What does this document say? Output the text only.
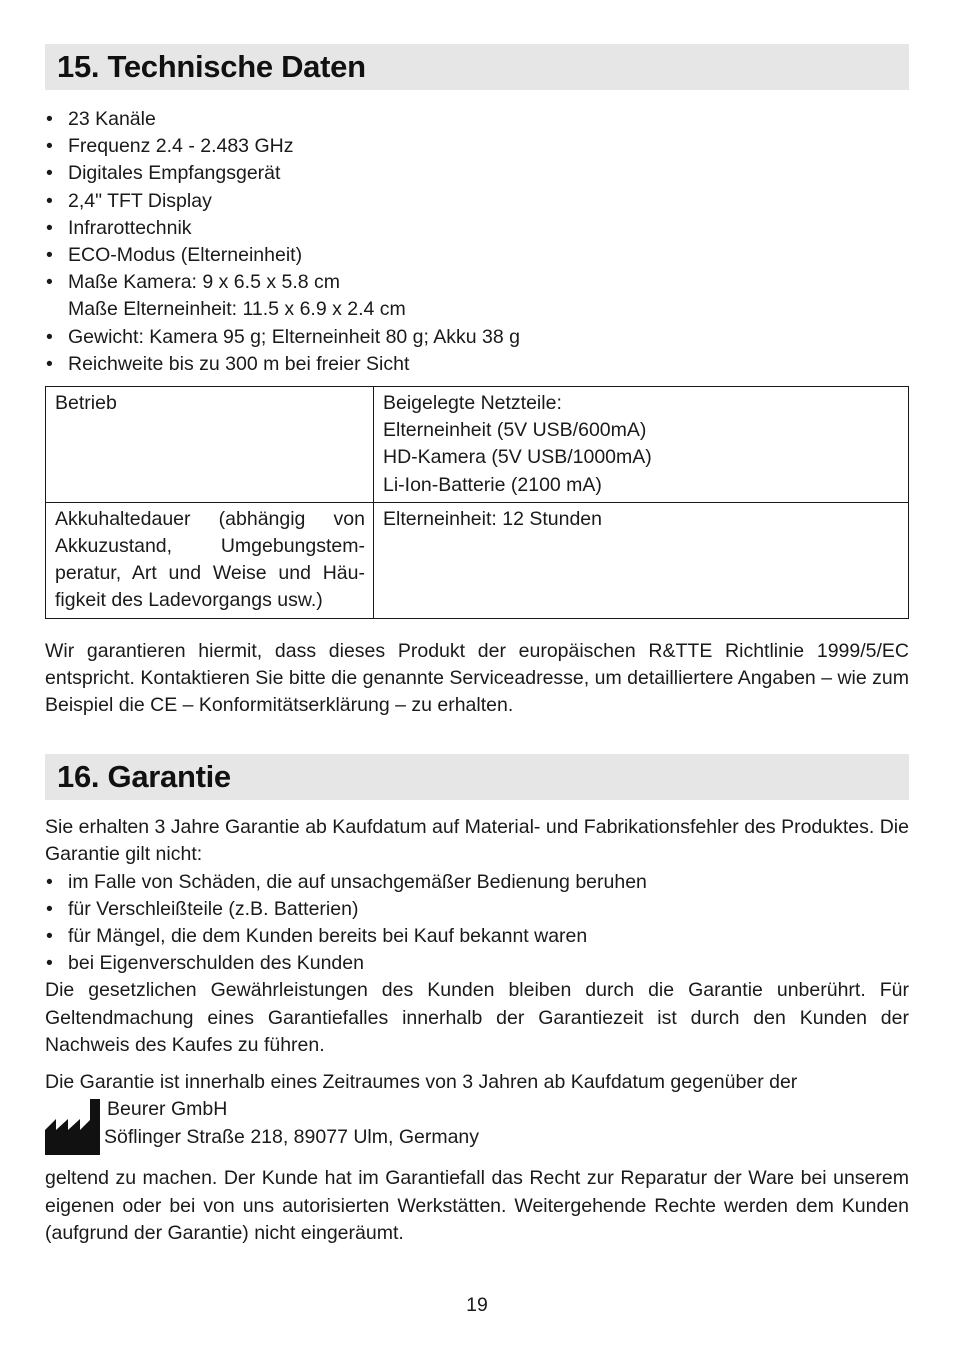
15. Technische Daten
• 23 Kanäle
• Frequenz 2.4 - 2.483 GHz
• Digitales Empfangsgerät
• 2,4" TFT Display
• Infrarottechnik
• ECO-Modus (Elterneinheit)
• Maße Kamera: 9 x 6.5 x 5.8 cm
Maße Elterneinheit: 11.5 x 6.9 x 2.4 cm
• Gewicht: Kamera 95 g; Elterneinheit 80 g; Akku 38 g
• Reichweite bis zu 300 m bei freier Sicht
Betrieb	Beigelegte Netzteile:
Elterneinheit (5V USB/600mA)
HD-Kamera (5V USB/1000mA)
Li-Ion-Batterie (2100 mA)

Akkuhaltedauer (abhängig von Akkuzustand, Umgebungstemperatur, Art und Weise und Häufigkeit des Ladevorgangs usw.)	Elterneinheit: 12 Stunden

Wir garantieren hiermit, dass dieses Produkt der europäischen R&TTE Richtlinie 1999/5/EC entspricht. Kontaktieren Sie bitte die genannte Serviceadresse, um detailliertere Angaben – wie zum Beispiel die CE – Konformitätserklärung – zu erhalten.

16. Garantie

Sie erhalten 3 Jahre Garantie ab Kaufdatum auf Material- und Fabrikationsfehler des Produktes. Die Garantie gilt nicht:

• im Falle von Schäden, die auf unsachgemäßer Bedienung beruhen
• für Verschleißteile (z.B. Batterien)
• für Mängel, die dem Kunden bereits bei Kauf bekannt waren
• bei Eigenverschulden des Kunden

Die gesetzlichen Gewährleistungen des Kunden bleiben durch die Garantie unberührt. Für Geltendmachung eines Garantiefalles innerhalb der Garantiezeit ist durch den Kunden der Nachweis des Kaufes zu führen.

Die Garantie ist innerhalb eines Zeitraumes von 3 Jahren ab Kaufdatum gegenüber der

Beurer GmbH
Söflinger Straße 218, 89077 Ulm, Germany

geltend zu machen. Der Kunde hat im Garantiefall das Recht zur Reparatur der Ware bei unserem eigenen oder bei von uns autorisierten Werkstätten. Weitergehende Rechte werden dem Kunden (aufgrund der Garantie) nicht eingeräumt.

19
